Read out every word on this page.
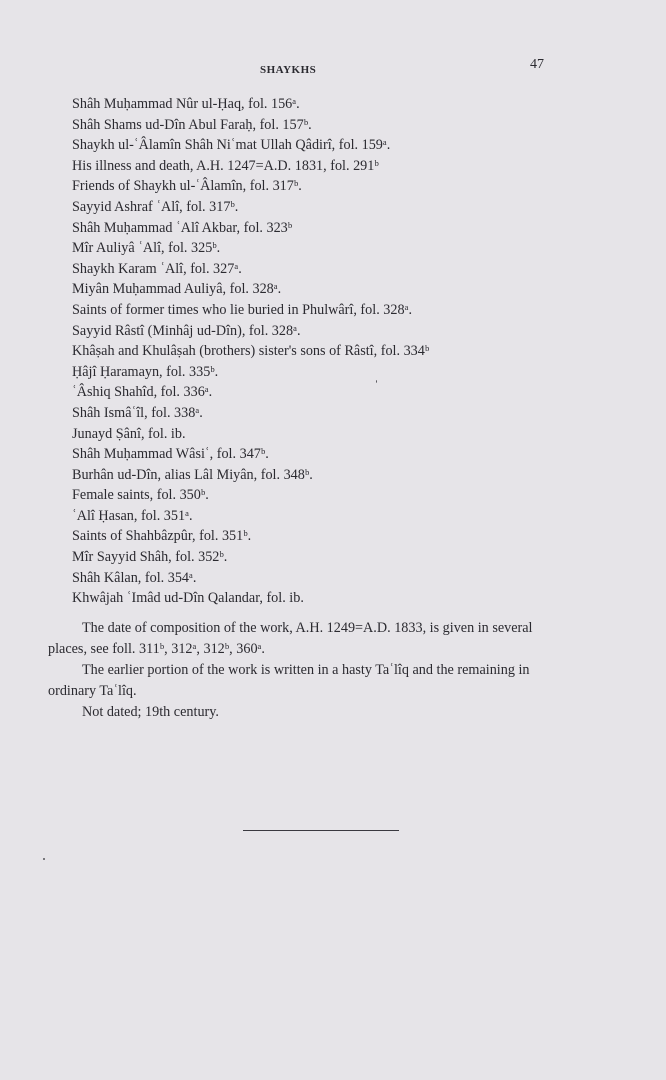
SHAYKHS	47
Shâh Muḥammad Nûr ul-Ḥaq, fol. 156ᵃ.
Shâh Shams ud-Dîn Abul Faraḥ, fol. 157ᵇ.
Shaykh ul-ʿÂlamîn Shâh Niʿmat Ullah Qâdirî, fol. 159ᵃ.
His illness and death, A.H. 1247=A.D. 1831, fol. 291ᵇ
Friends of Shaykh ul-ʿÂlamîn, fol. 317ᵇ.
Sayyid Ashraf ʿAlî, fol. 317ᵇ.
Shâh Muḥammad ʿAlî Akbar, fol. 323ᵇ
Mîr Auliyâ ʿAlî, fol. 325ᵇ.
Shaykh Karam ʿAlî, fol. 327ᵃ.
Miyân Muḥammad Auliyâ, fol. 328ᵃ.
Saints of former times who lie buried in Phulwârî, fol. 328ᵃ.
Sayyid Râstî (Minhâj ud-Dîn), fol. 328ᵃ.
Khâṣah and Khulâṣah (brothers) sister's sons of Râstî, fol. 334ᵇ
Ḥâjî Ḥaramayn, fol. 335ᵇ.
ʿÂshiq Shahîd, fol. 336ᵃ.
Shâh Ismâʿîl, fol. 338ᵃ.
Junayd Ṣânî, fol. ib.
Shâh Muḥammad Wâsiʿ, fol. 347ᵇ.
Burhân ud-Dîn, alias Lâl Miyân, fol. 348ᵇ.
Female saints, fol. 350ᵇ.
ʿAlî Ḥasan, fol. 351ᵃ.
Saints of Shahbâzpûr, fol. 351ᵇ.
Mîr Sayyid Shâh, fol. 352ᵇ.
Shâh Kâlan, fol. 354ᵃ.
Khwâjah ʿImâd ud-Dîn Qalandar, fol. ib.

The date of composition of the work, A.H. 1249=A.D. 1833, is given in several places, see foll. 311ᵇ, 312ᵃ, 312ᵇ, 360ᵃ.

The earlier portion of the work is written in a hasty Taʿlîq and the remaining in ordinary Taʿlîq.

Not dated; 19th century.
